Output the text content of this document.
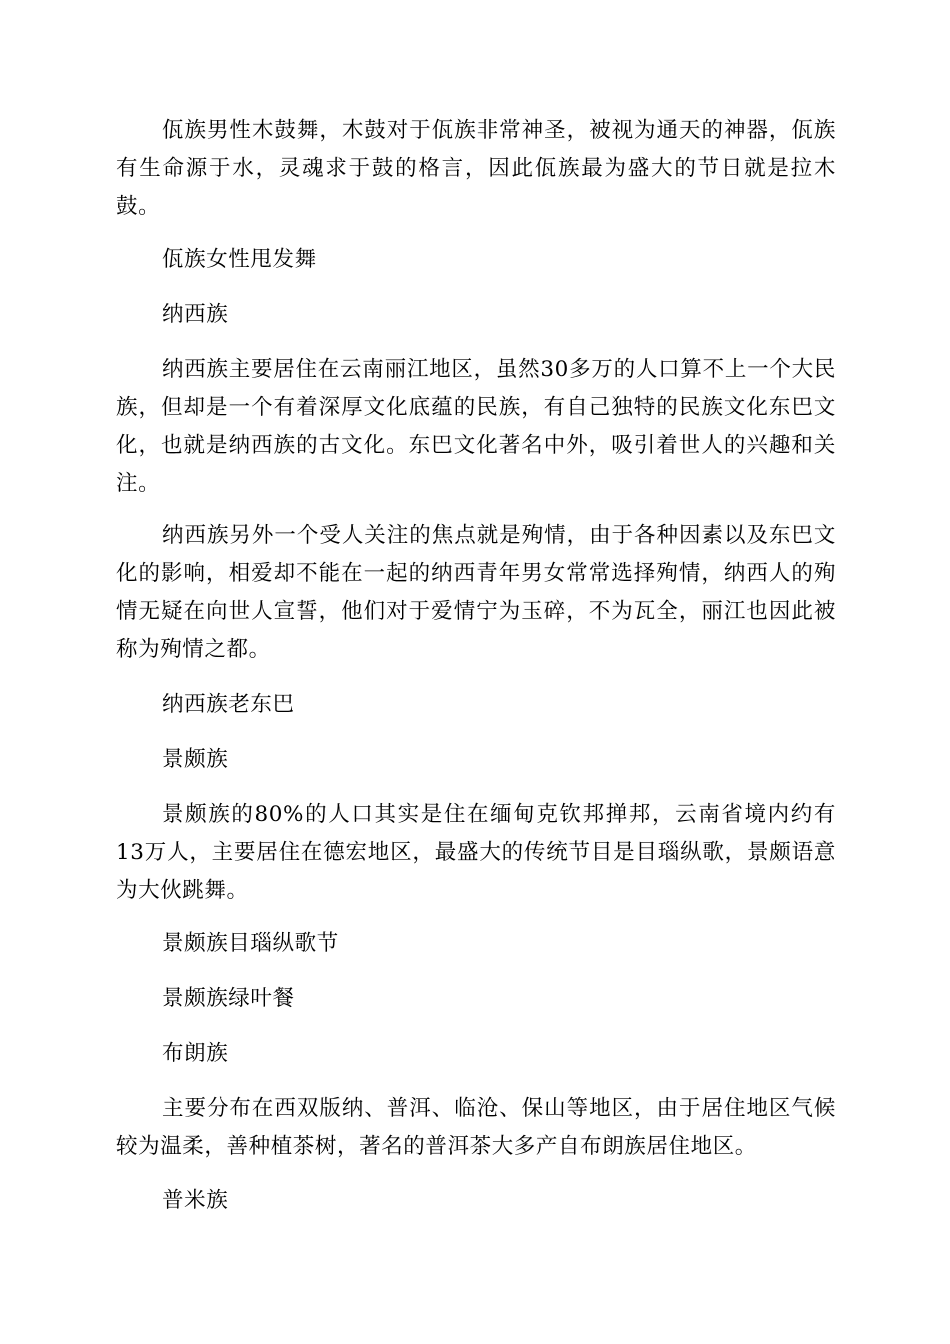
佤族男性木鼓舞，木鼓对于佤族非常神圣，被视为通天的神器，佤族有生命源于水，灵魂求于鼓的格言，因此佤族最为盛大的节日就是拉木鼓。

佤族女性甩发舞

纳西族

纳西族主要居住在云南丽江地区，虽然30多万的人口算不上一个大民族，但却是一个有着深厚文化底蕴的民族，有自己独特的民族文化东巴文化，也就是纳西族的古文化。东巴文化著名中外，吸引着世人的兴趣和关注。

纳西族另外一个受人关注的焦点就是殉情，由于各种因素以及东巴文化的影响，相爱却不能在一起的纳西青年男女常常选择殉情，纳西人的殉情无疑在向世人宣誓，他们对于爱情宁为玉碎，不为瓦全，丽江也因此被称为殉情之都。

纳西族老东巴

景颇族

景颇族的80%的人口其实是住在缅甸克钦邦掸邦，云南省境内约有13万人，主要居住在德宏地区，最盛大的传统节目是目瑙纵歌，景颇语意为大伙跳舞。

景颇族目瑙纵歌节

景颇族绿叶餐

布朗族

主要分布在西双版纳、普洱、临沧、保山等地区，由于居住地区气候较为温柔，善种植茶树，著名的普洱茶大多产自布朗族居住地区。

普米族
